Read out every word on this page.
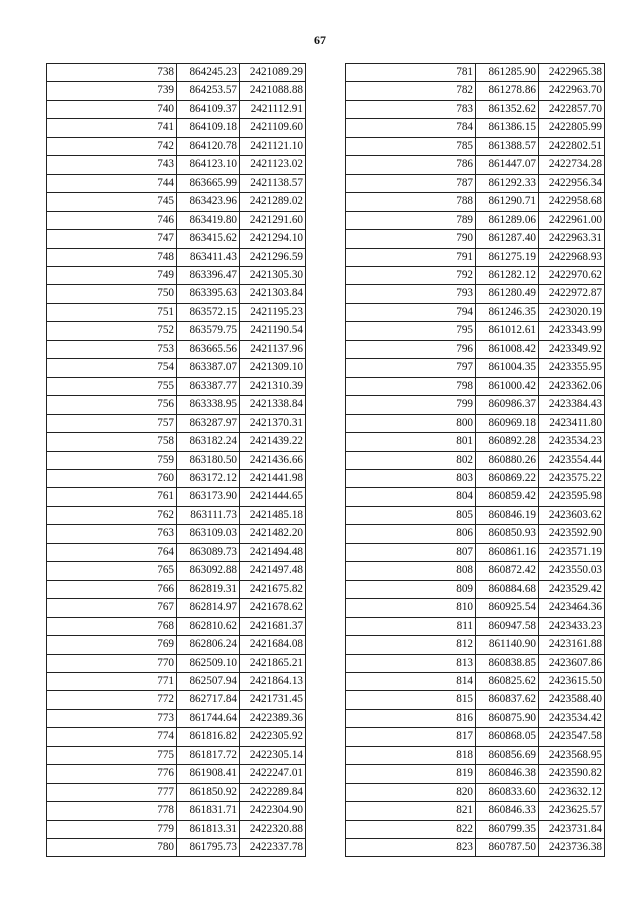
67
738	864245.23	2421089.29
739	864253.57	2421088.88
740	864109.37	2421112.91
741	864109.18	2421109.60
742	864120.78	2421121.10
743	864123.10	2421123.02
744	863665.99	2421138.57
745	863423.96	2421289.02
746	863419.80	2421291.60
747	863415.62	2421294.10
748	863411.43	2421296.59
749	863396.47	2421305.30
750	863395.63	2421303.84
751	863572.15	2421195.23
752	863579.75	2421190.54
753	863665.56	2421137.96
754	863387.07	2421309.10
755	863387.77	2421310.39
756	863338.95	2421338.84
757	863287.97	2421370.31
758	863182.24	2421439.22
759	863180.50	2421436.66
760	863172.12	2421441.98
761	863173.90	2421444.65
762	863111.73	2421485.18
763	863109.03	2421482.20
764	863089.73	2421494.48
765	863092.88	2421497.48
766	862819.31	2421675.82
767	862814.97	2421678.62
768	862810.62	2421681.37
769	862806.24	2421684.08
770	862509.10	2421865.21
771	862507.94	2421864.13
772	862717.84	2421731.45
773	861744.64	2422389.36
774	861816.82	2422305.92
775	861817.72	2422305.14
776	861908.41	2422247.01
777	861850.92	2422289.84
778	861831.71	2422304.90
779	861813.31	2422320.88
780	861795.73	2422337.78
781	861285.90	2422965.38
782	861278.86	2422963.70
783	861352.62	2422857.70
784	861386.15	2422805.99
785	861388.57	2422802.51
786	861447.07	2422734.28
787	861292.33	2422956.34
788	861290.71	2422958.68
789	861289.06	2422961.00
790	861287.40	2422963.31
791	861275.19	2422968.93
792	861282.12	2422970.62
793	861280.49	2422972.87
794	861246.35	2423020.19
795	861012.61	2423343.99
796	861008.42	2423349.92
797	861004.35	2423355.95
798	861000.42	2423362.06
799	860986.37	2423384.43
800	860969.18	2423411.80
801	860892.28	2423534.23
802	860880.26	2423554.44
803	860869.22	2423575.22
804	860859.42	2423595.98
805	860846.19	2423603.62
806	860850.93	2423592.90
807	860861.16	2423571.19
808	860872.42	2423550.03
809	860884.68	2423529.42
810	860925.54	2423464.36
811	860947.58	2423433.23
812	861140.90	2423161.88
813	860838.85	2423607.86
814	860825.62	2423615.50
815	860837.62	2423588.40
816	860875.90	2423534.42
817	860868.05	2423547.58
818	860856.69	2423568.95
819	860846.38	2423590.82
820	860833.60	2423632.12
821	860846.33	2423625.57
822	860799.35	2423731.84
823	860787.50	2423736.38
